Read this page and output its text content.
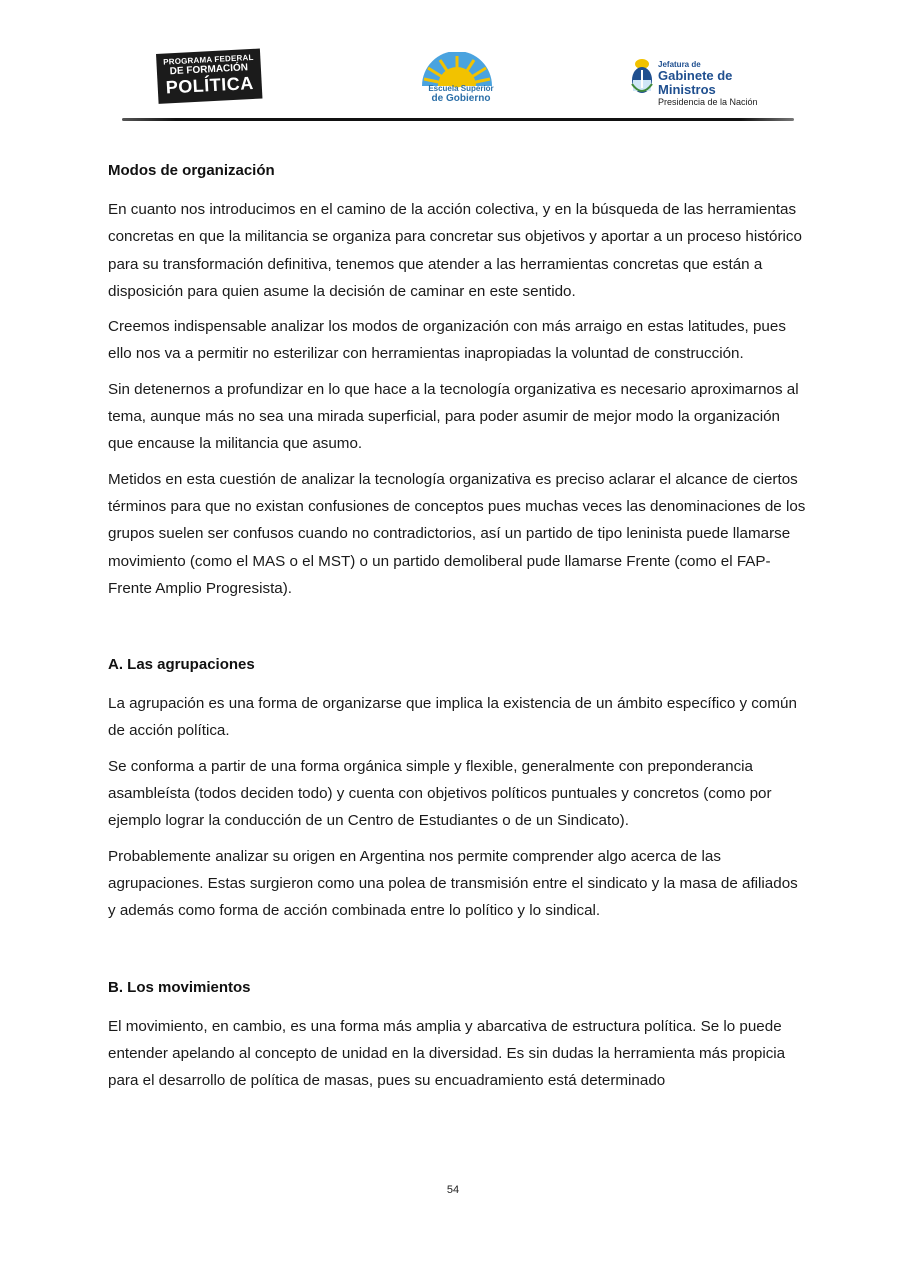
PROGRAMA FEDERAL
DE FORMACIÓN
POLÍTICA	Escuela Superior
de Gobierno
Jefatura de
Gabinete de Ministros
Presidencia de la Nación
Modos de organización

En cuanto nos introducimos en el camino de la acción colectiva, y en la búsqueda de las herramientas concretas en que la militancia se organiza para concretar sus objetivos y aportar a un proceso histórico para su transformación definitiva, tenemos que atender a las herramientas concretas que están a disposición para quien asume la decisión de caminar en este sentido.

Creemos indispensable analizar los modos de organización con más arraigo en estas latitudes, pues ello nos va a permitir no esterilizar con herramientas inapropiadas la voluntad de construcción.

Sin detenernos a profundizar en lo que hace a la tecnología organizativa es necesario aproximarnos al tema, aunque más no sea una mirada superficial, para poder asumir de mejor modo la organización que encause la militancia que asumo.

Metidos en esta cuestión de analizar la tecnología organizativa es preciso aclarar el alcance de ciertos términos para que no existan confusiones de conceptos pues muchas veces las denominaciones de los grupos suelen ser confusos cuando no contradictorios, así un partido de tipo leninista puede llamarse movimiento (como el MAS o el MST) o un partido demoliberal pude llamarse Frente (como el FAP- Frente Amplio Progresista).

A. Las agrupaciones

La agrupación es una forma de organizarse que implica la existencia de un ámbito específico y común de acción política.

Se conforma a partir de una forma orgánica simple y flexible, generalmente con preponderancia asambleísta (todos deciden todo) y cuenta con objetivos políticos puntuales y concretos (como por ejemplo lograr la conducción de un Centro de Estudiantes o de un Sindicato).

Probablemente analizar su origen en Argentina nos permite comprender algo acerca de las agrupaciones. Estas surgieron como una polea de transmisión entre el sindicato y la masa de afiliados y además como forma de acción combinada entre lo político y lo sindical.

B. Los movimientos

El movimiento, en cambio, es una forma más amplia y abarcativa de estructura política. Se lo puede entender apelando al concepto de unidad en la diversidad. Es sin dudas la herramienta más propicia para el desarrollo de política de masas, pues su encuadramiento está determinado

54
